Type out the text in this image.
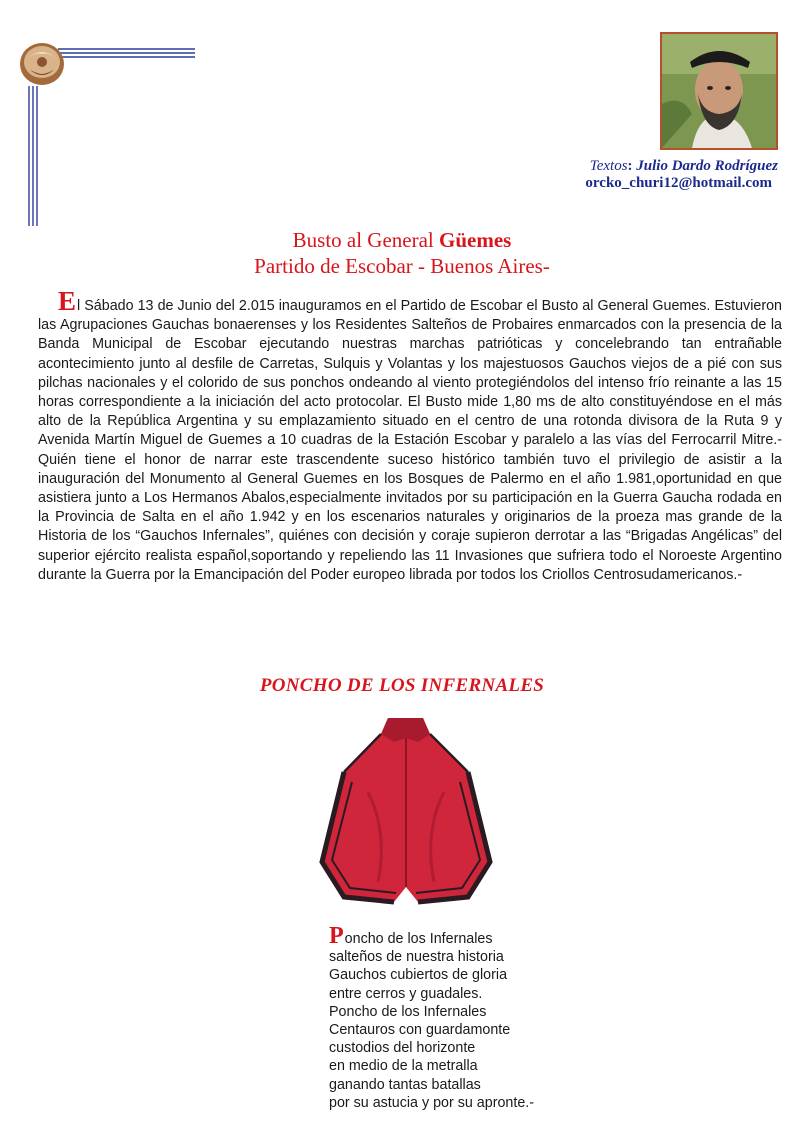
Textos: Julio Dardo Rodríguez
orcko_churi12@hotmail.com
Busto al General Güemes
Partido de Escobar - Buenos Aires-

El Sábado 13 de Junio del 2.015 inauguramos en el Partido de Escobar el Busto al General Guemes. Estuvieron las Agrupaciones Gauchas bonaerenses y los Residentes Salteños de Probaires enmarcados con la presencia de la Banda Municipal de Escobar ejecutando nuestras marchas patrióticas y concelebrando tan entrañable acontecimiento junto al desfile de Carretas, Sulquis y Volantas y los majestuosos Gauchos viejos de a pié con sus pilchas nacionales y el colorido de sus ponchos ondeando al viento protegiéndolos del intenso frío reinante a las 15 horas correspondiente a la iniciación del acto protocolar. El Busto mide 1,80 ms de alto constituyéndose en el más alto de la República Argentina y su emplazamiento situado en el centro de una rotonda divisora de la Ruta 9 y Avenida Martín Miguel de Guemes a 10 cuadras de la Estación Escobar y paralelo a las vías del Ferrocarril Mitre.- Quién tiene el honor de narrar este trascendente suceso histórico también tuvo el privilegio de asistir a la inauguración del Monumento al General Guemes en los Bosques de Palermo en el año 1.981,oportunidad en que asistiera junto a Los Hermanos Abalos,especialmente invitados por su participación en la Guerra Gaucha rodada en la Provincia de Salta en el año 1.942 y en los escenarios naturales y originarios de la proeza mas grande de la Historia de los “Gauchos Infernales”, quiénes con decisión y coraje supieron derrotar a las “Brigadas Angélicas” del superior ejército realista español,soportando y repeliendo las 11 Invasiones que sufriera todo el Noroeste Argentino durante la Guerra por la Emancipación del Poder europeo librada por todos los Criollos Centrosudamericanos.-

PONCHO DE LOS INFERNALES
Poncho de los Infernales
salteños de nuestra historia
Gauchos cubiertos de gloria
entre cerros y guadales.
Poncho de los Infernales
Centauros con guardamonte
custodios del horizonte
en medio de la metralla
ganando tantas batallas
por su astucia y por su apronte.-
